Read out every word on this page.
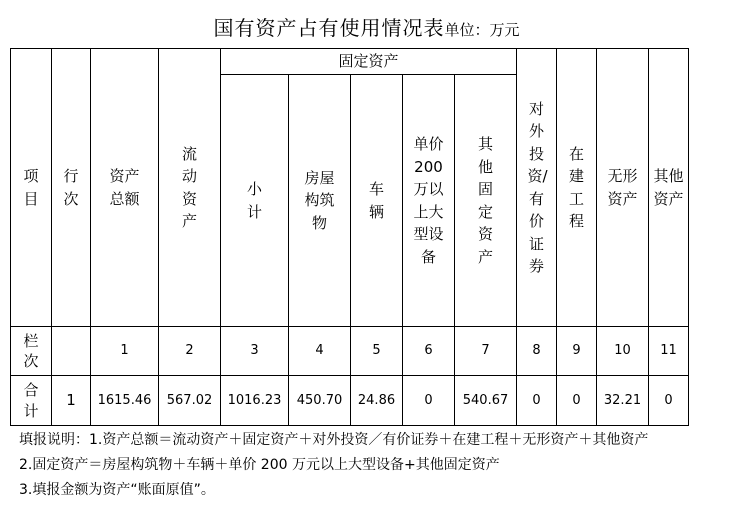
国有资产占有使用情况表单位：万元
项目	行次	资产总额	流动资产	固定资产					对外投资/有价证券	在建工程	无形资产	其他资产
				小计	房屋构筑物	车辆	单价200万以上大型设备	其他固定资产				
栏次		1	2	3	4	5	6	7	8	9	10	11
合计	1	1615.46	567.02	1016.23	450.70	24.86	0	540.67	0	0	32.21	0
填报说明：1.资产总额＝流动资产＋固定资产＋对外投资／有价证券＋在建工程＋无形资产＋其他资产
2.固定资产＝房屋构筑物＋车辆＋单价 200 万元以上大型设备+其他固定资产
3.填报金额为资产“账面原值”。
